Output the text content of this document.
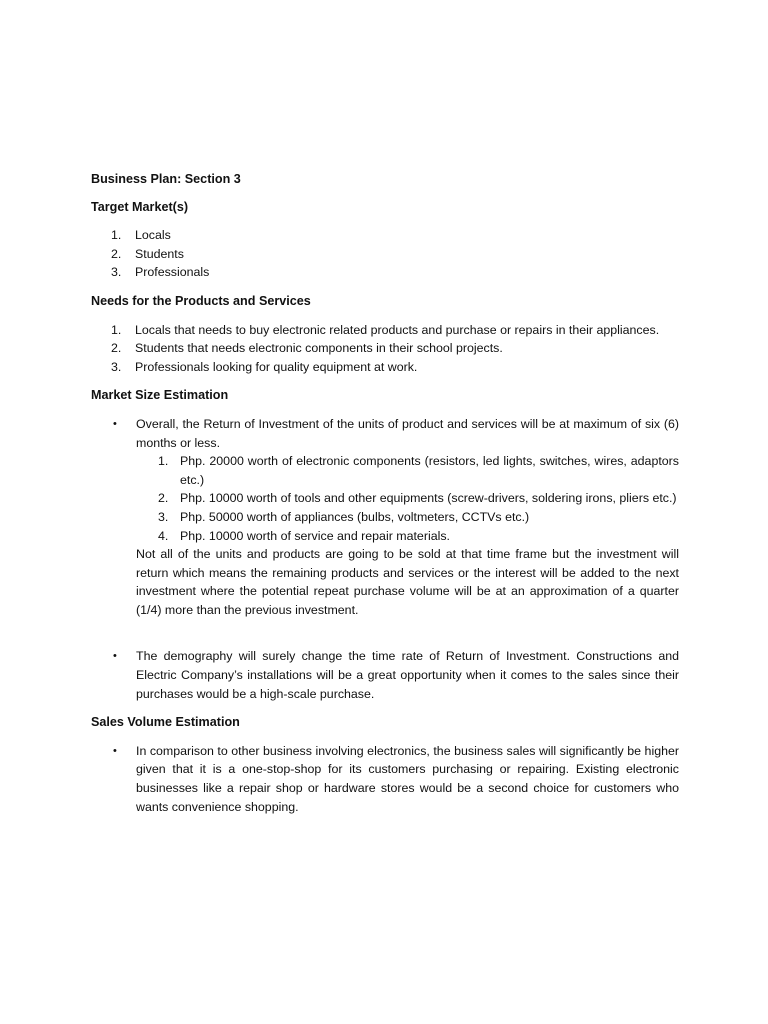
Business Plan: Section 3

Target Market(s)

1. Locals
2. Students
3. Professionals

Needs for the Products and Services

1. Locals that needs to buy electronic related products and purchase or repairs in their appliances.
2. Students that needs electronic components in their school projects.
3. Professionals looking for quality equipment at work.

Market Size Estimation

• Overall, the Return of Investment of the units of product and services will be at maximum of six (6) months or less.

1. Php. 20000 worth of electronic components (resistors, led lights, switches, wires, adaptors etc.)
2. Php. 10000 worth of tools and other equipments (screw-drivers, soldering irons, pliers etc.)
3. Php. 50000 worth of appliances (bulbs, voltmeters, CCTVs etc.)
4. Php. 10000 worth of service and repair materials.

Not all of the units and products are going to be sold at that time frame but the investment will return which means the remaining products and services or the interest will be added to the next investment where the potential repeat purchase volume will be at an approximation of a quarter (1/4) more than the previous investment.

• The demography will surely change the time rate of Return of Investment. Constructions and Electric Company’s installations will be a great opportunity when it comes to the sales since their purchases would be a high-scale purchase.

Sales Volume Estimation

• In comparison to other business involving electronics, the business sales will significantly be higher given that it is a one-stop-shop for its customers purchasing or repairing. Existing electronic businesses like a repair shop or hardware stores would be a second choice for customers who wants convenience shopping.
